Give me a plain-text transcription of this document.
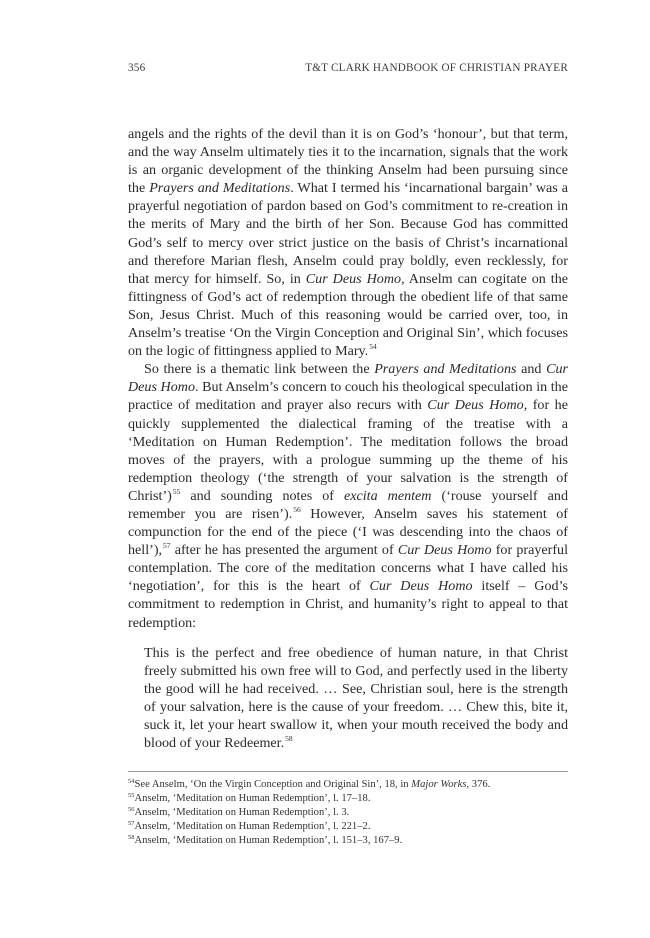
356	T&T CLARK HANDBOOK OF CHRISTIAN PRAYER

angels and the rights of the devil than it is on God’s ‘honour’, but that term, and the way Anselm ultimately ties it to the incarnation, signals that the work is an organic development of the thinking Anselm had been pursuing since the Prayers and Meditations. What I termed his ‘incarnational bargain’ was a prayerful negotiation of pardon based on God’s commitment to re-creation in the merits of Mary and the birth of her Son. Because God has committed God’s self to mercy over strict justice on the basis of Christ’s incarnational and therefore Marian flesh, Anselm could pray boldly, even recklessly, for that mercy for himself. So, in Cur Deus Homo, Anselm can cogitate on the fittingness of God’s act of redemption through the obedient life of that same Son, Jesus Christ. Much of this reasoning would be carried over, too, in Anselm’s treatise ‘On the Virgin Conception and Original Sin’, which focuses on the logic of fittingness applied to Mary.$^{54}$

So there is a thematic link between the Prayers and Meditations and Cur Deus Homo. But Anselm’s concern to couch his theological speculation in the practice of meditation and prayer also recurs with Cur Deus Homo, for he quickly supplemented the dialectical framing of the treatise with a ‘Meditation on Human Redemption’. The meditation follows the broad moves of the prayers, with a prologue summing up the theme of his redemption theology (‘the strength of your salvation is the strength of Christ’)$^{55}$ and sounding notes of excita mentem (‘rouse yourself and remember you are risen’).$^{56}$ However, Anselm saves his statement of compunction for the end of the piece (‘I was descending into the chaos of hell’),$^{57}$ after he has presented the argument of Cur Deus Homo for prayerful contemplation. The core of the meditation concerns what I have called his ‘negotiation’, for this is the heart of Cur Deus Homo itself – God’s commitment to redemption in Christ, and humanity’s right to appeal to that redemption:

This is the perfect and free obedience of human nature, in that Christ freely submitted his own free will to God, and perfectly used in the liberty the good will he had received. … See, Christian soul, here is the strength of your salvation, here is the cause of your freedom. … Chew this, bite it, suck it, let your heart swallow it, when your mouth received the body and blood of your Redeemer.$^{58}$

$^{54}$See Anselm, ‘On the Virgin Conception and Original Sin’, 18, in Major Works, 376.
$^{55}$Anselm, ‘Meditation on Human Redemption’, l. 17–18.
$^{56}$Anselm, ‘Meditation on Human Redemption’, l. 3.
$^{57}$Anselm, ‘Meditation on Human Redemption’, l. 221–2.
$^{58}$Anselm, ‘Meditation on Human Redemption’, l. 151–3, 167–9.
